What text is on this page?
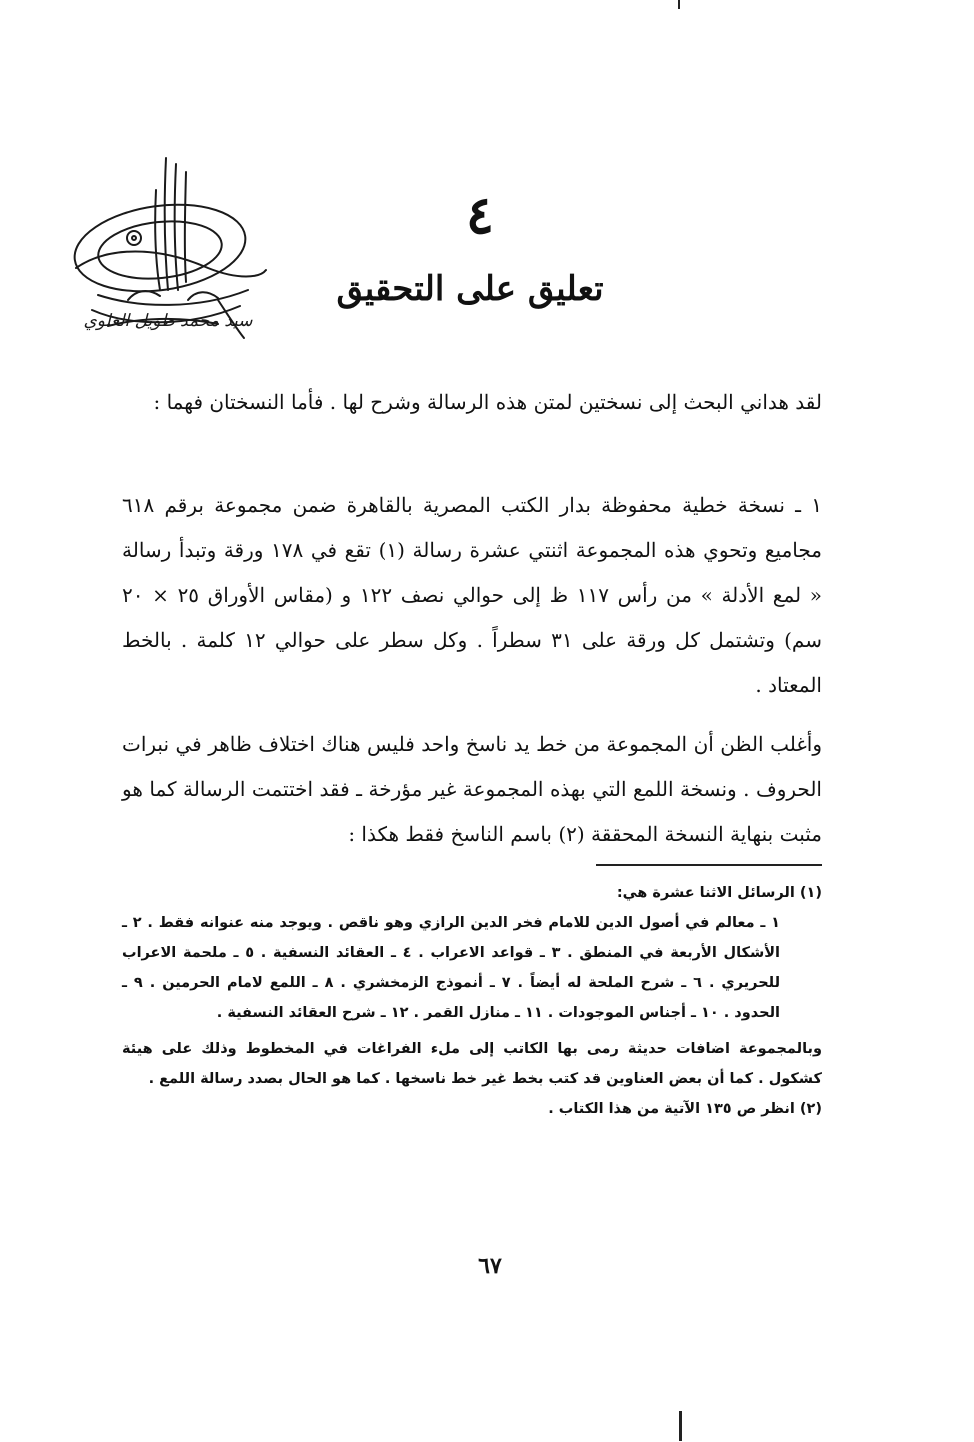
سيد محمد طويل العلوي
٤
تعليق على التحقيق

لقد هداني البحث إلى نسختين لمتن هذه الرسالة وشرح لها . فأما النسختان فهما :

١ ـ نسخة خطية محفوظة بدار الكتب المصرية بالقاهرة ضمن مجموعة برقم ٦١٨ مجاميع وتحوي هذه المجموعة اثنتي عشرة رسالة (١) تقع في ١٧٨ ورقة وتبدأ رسالة « لمع الأدلة » من رأس ١١٧ ظ إلى حوالي نصف ١٢٢ و (مقاس الأوراق ٢٥ × ٢٠ سم) وتشتمل كل ورقة على ٣١ سطراً . وكل سطر على حوالي ١٢ كلمة . بالخط المعتاد .

وأغلب الظن أن المجموعة من خط يد ناسخ واحد فليس هناك اختلاف ظاهر في نبرات الحروف . ونسخة اللمع التي بهذه المجموعة غير مؤرخة ـ فقد اختتمت الرسالة كما هو مثبت بنهاية النسخة المحققة (٢) باسم الناسخ فقط هكذا :

(١) الرسائل الاثنا عشرة هي:

١ ـ معالم في أصول الدين للامام فخر الدين الرازي وهو ناقص . ويوجد منه عنوانه فقط . ٢ ـ الأشكال الأربعة في المنطق . ٣ ـ قواعد الاعراب . ٤ ـ العقائد النسفية . ٥ ـ ملحمة الاعراب للحريري . ٦ ـ شرح الملحة له أيضاً . ٧ ـ أنموذج الزمخشري . ٨ ـ اللمع لامام الحرمين . ٩ ـ الحدود . ١٠ ـ أجناس الموجودات . ١١ ـ منازل القمر . ١٢ ـ شرح العقائد النسفية .

وبالمجموعة اضافات حديثة رمى بها الكاتب إلى ملء الفراغات في المخطوط وذلك على هيئة كشكول . كما أن بعض العناوين قد كتب بخط غير خط ناسخها . كما هو الحال بصدد رسالة اللمع .

(٢) انظر ص ١٣٥ الآتية من هذا الكتاب .

٦٧
